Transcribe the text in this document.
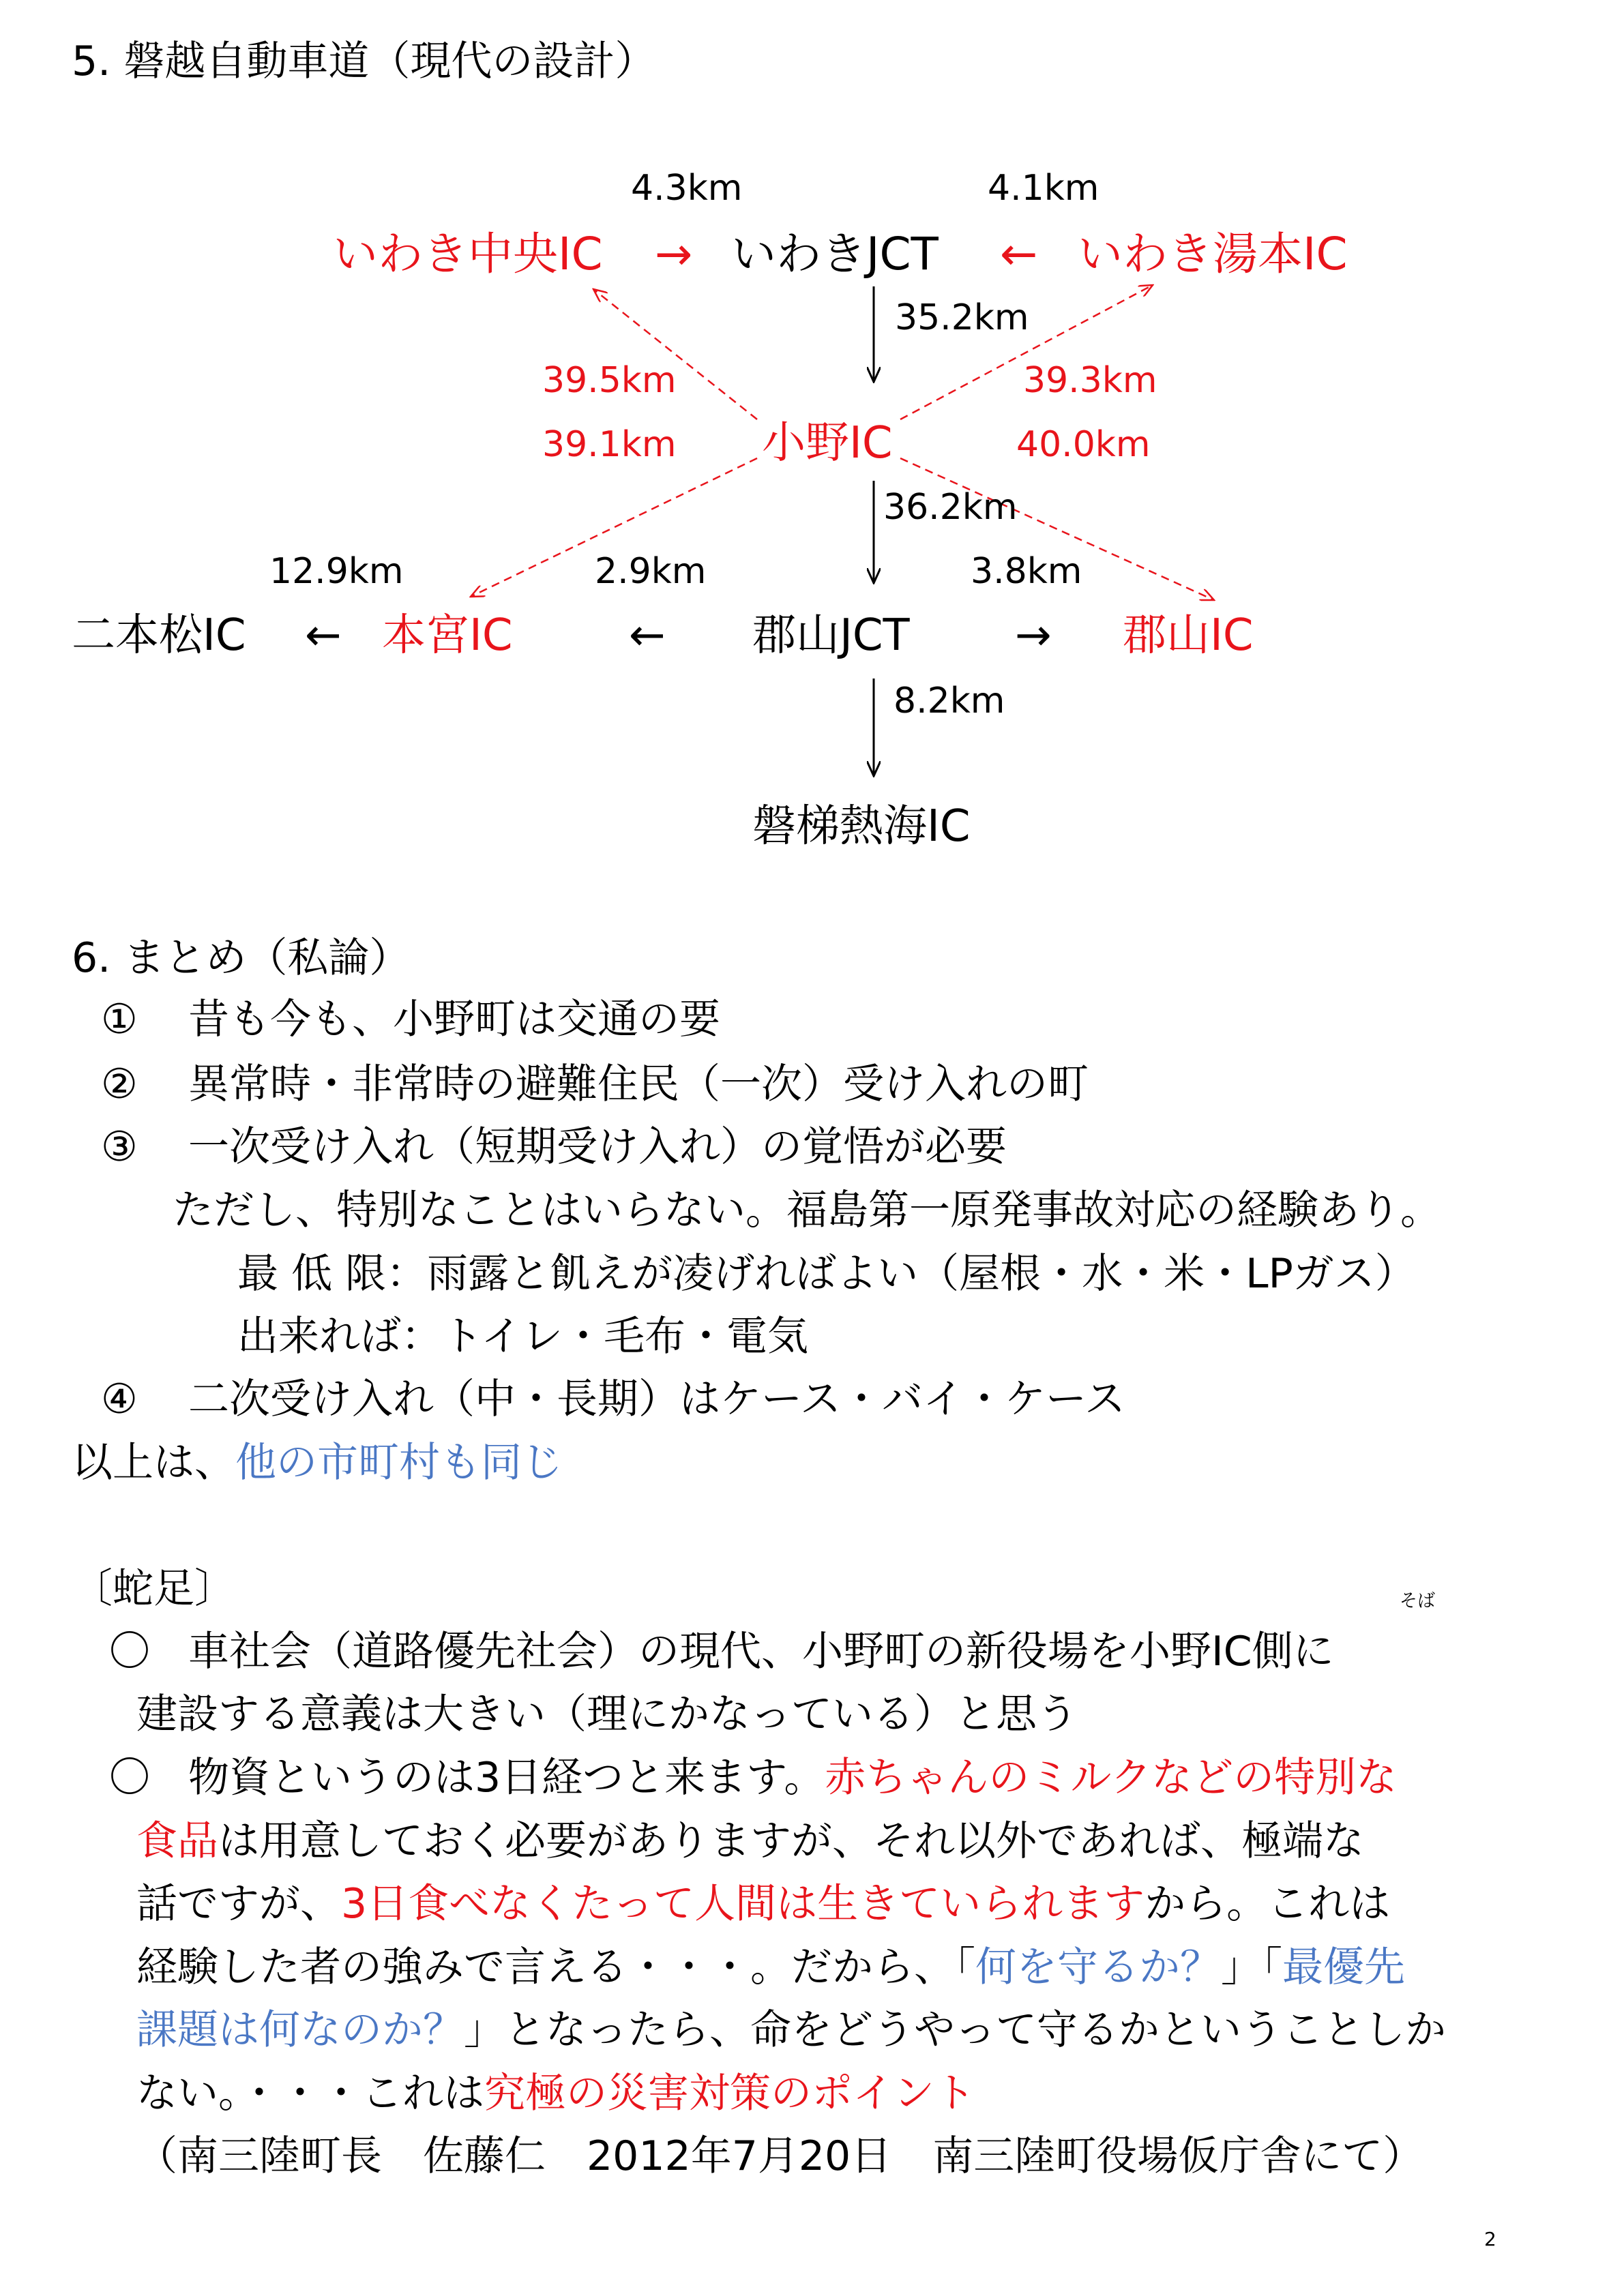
5. 磐越自動車道（現代の設計）
4.3km	4.1km
いわき中央IC → いわきJCT ← いわき湯本IC
35.2km
39.5km	39.3km
39.1km 小野IC	40.0km
36.2km
12.9km	2.9km	3.8km
二本松IC ← 本宮IC	← 郡山JCT → 郡山IC
8.2km
磐梯熱海IC
6. まとめ（私論）
① 昔も今も、小野町は交通の要
② 異常時・非常時の避難住民（一次）受け入れの町
③ 一次受け入れ（短期受け入れ）の覚悟が必要
ただし、特別なことはいらない。福島第一原発事故対応の経験あり。
最 低 限：雨露と飢えが凌げればよい（屋根・水・米・LPガス）
出来れば：トイレ・毛布・電気
④ 二次受け入れ（中・長期）はケース・バイ・ケース
以上は、他の市町村も同じ
〔蛇足〕	そば
〇 車社会（道路優先社会）の現代、小野町の新役場を小野IC側に
建設する意義は大きい（理にかなっている）と思う
〇 物資というのは3日経つと来ます。赤ちゃんのミルクなどの特別な
食品は用意しておく必要がありますが、それ以外であれば、極端な
話ですが、3日食べなくたって人間は生きていられますから。これは
経験した者の強みで言える・・・。だから、「何を守るか？」「最優先
課題は何なのか？」となったら、命をどうやって守るかということしか
ない。・・・これは究極の災害対策のポイント
（南三陸町長　佐藤仁　2012年7月20日　南三陸町役場仮庁舎にて）
2
